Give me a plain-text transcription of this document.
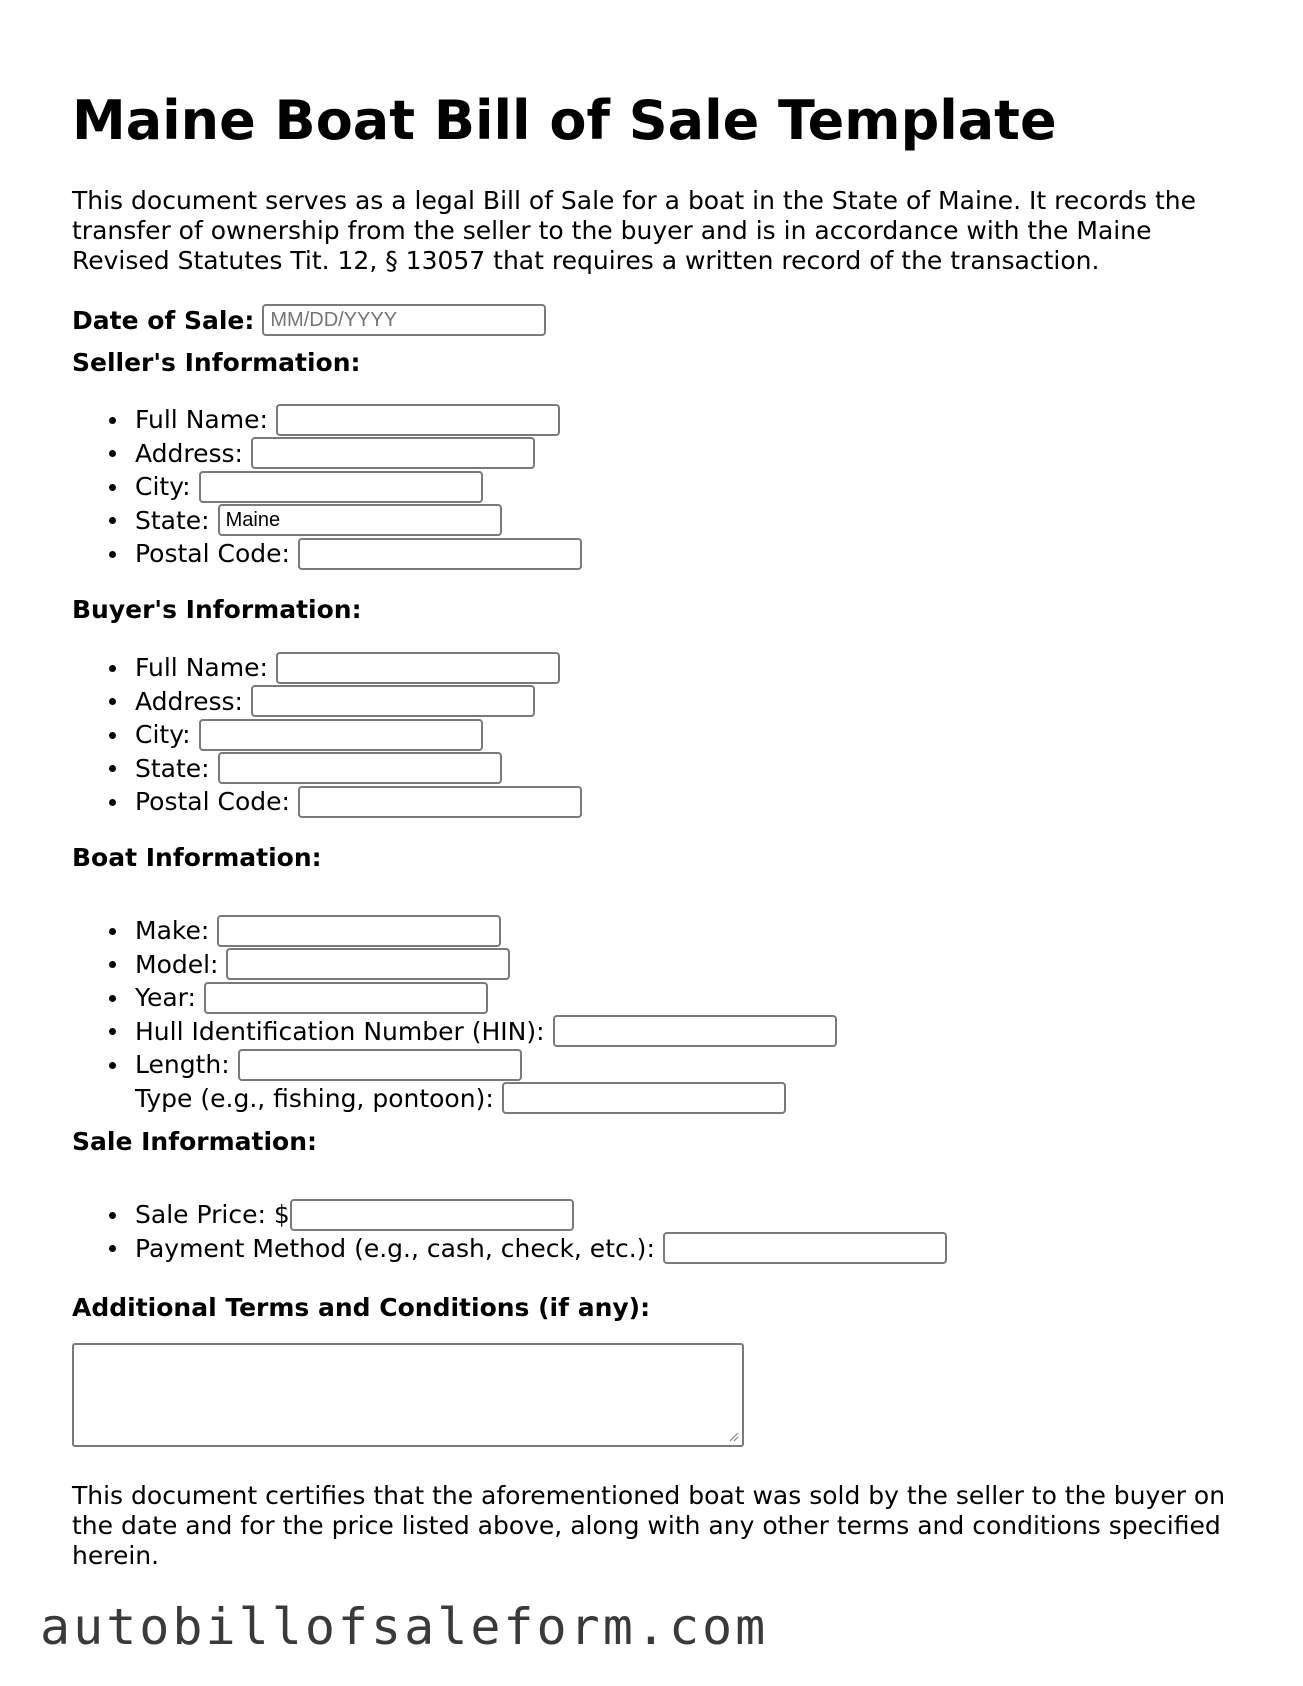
Maine Boat Bill of Sale Template

This document serves as a legal Bill of Sale for a boat in the State of Maine. It records the transfer of ownership from the seller to the buyer and is in accordance with the Maine Revised Statutes Tit. 12, § 13057 that requires a written record of the transaction.

Date of Sale:
MM/DD/YYYY
Seller's Information:
Full Name:
Address:
City:
State:
Maine
Postal Code:
Buyer's Information:
Full Name:
Address:
City:
State:
Postal Code:
Boat Information:
Make:
Model:
Year:
Hull Identification Number (HIN):
Length:
Type (e.g., fishing, pontoon):
Sale Information:
Sale Price: $
Payment Method (e.g., cash, check, etc.):
Additional Terms and Conditions (if any):

This document certifies that the aforementioned boat was sold by the seller to the buyer on the date and for the price listed above, along with any other terms and conditions specified herein.

autobillofsaleform.com
